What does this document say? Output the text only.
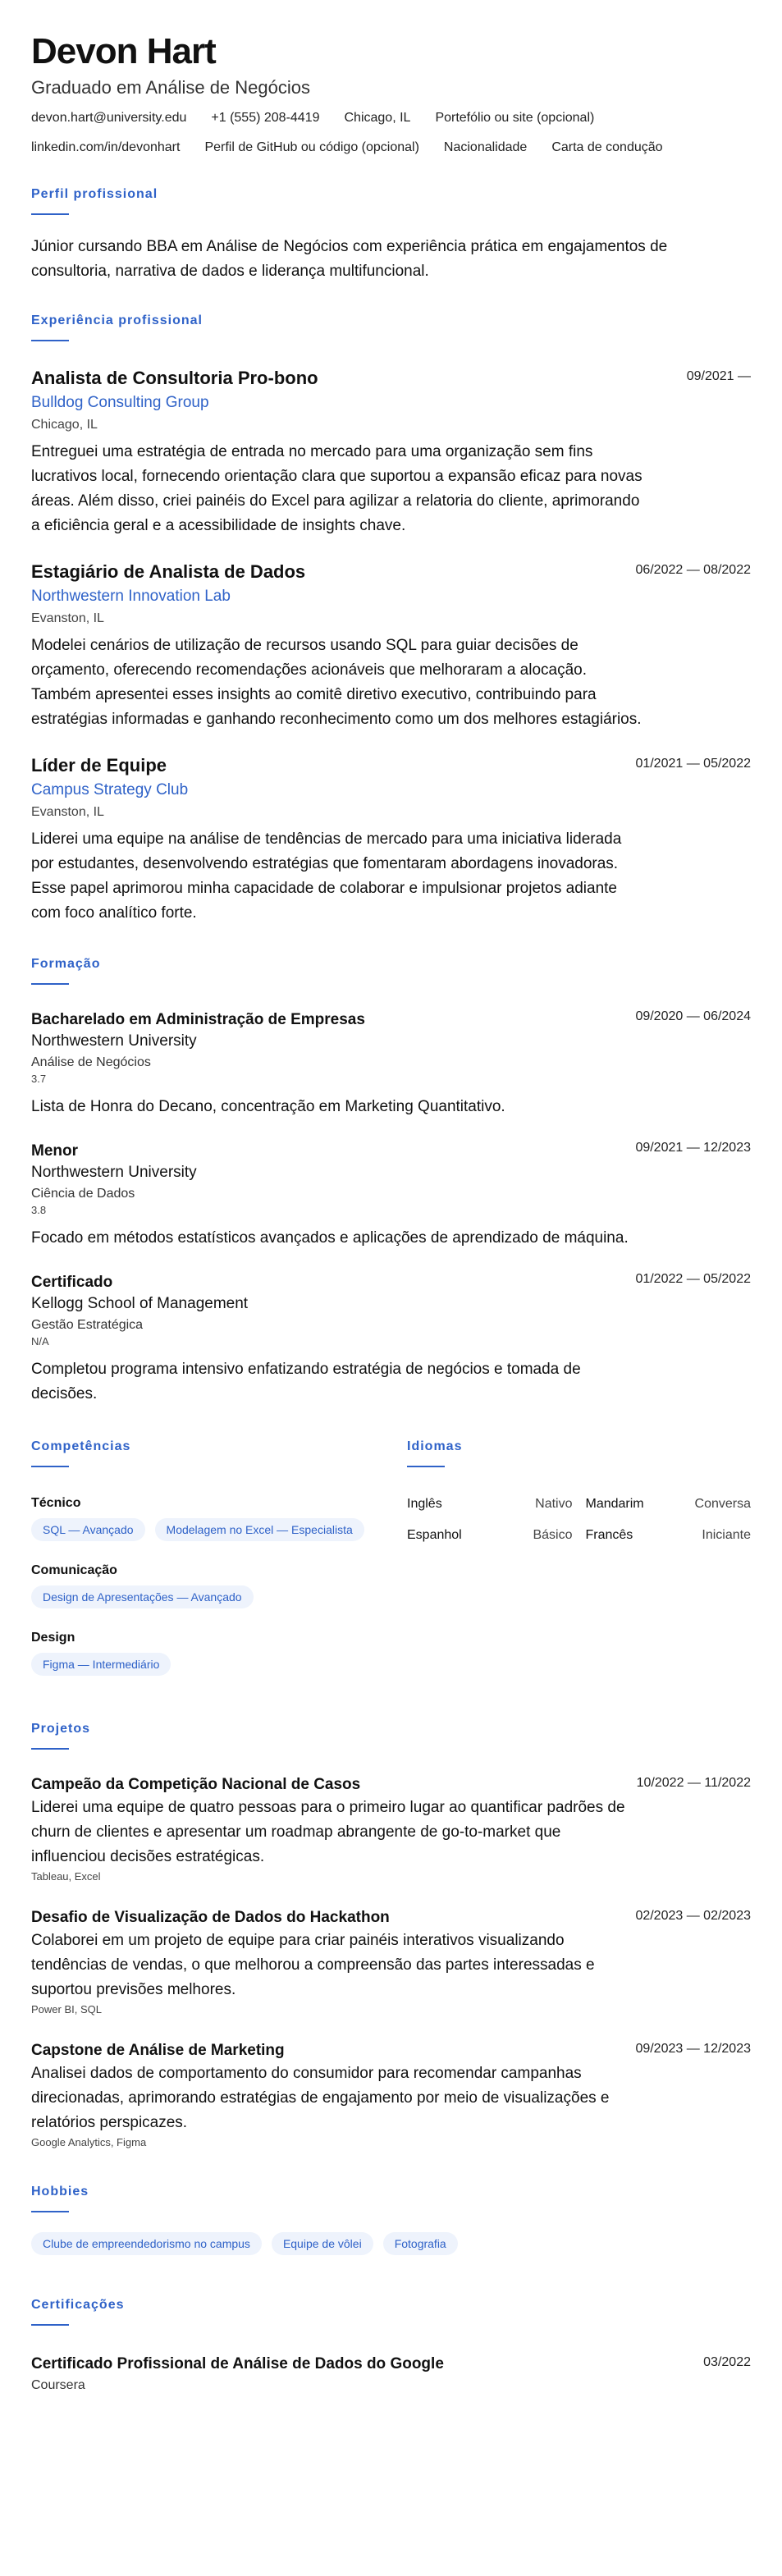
Devon Hart
Graduado em Análise de Negócios
devon.hart@university.edu +1 (555) 208-4419 Chicago, IL Portefólio ou site (opcional)
linkedin.com/in/devonhart Perfil de GitHub ou código (opcional) Nacionalidade Carta de condução
Perfil profissional

Júnior cursando BBA em Análise de Negócios com experiência prática em engajamentos de consultoria, narrativa de dados e liderança multifuncional.

Experiência profissional
Analista de Consultoria Pro-bono	09/2021 —
Bulldog Consulting Group
Chicago, IL

Entreguei uma estratégia de entrada no mercado para uma organização sem fins lucrativos local, fornecendo orientação clara que suportou a expansão eficaz para novas áreas. Além disso, criei painéis do Excel para agilizar a relatoria do cliente, aprimorando a eficiência geral e a acessibilidade de insights chave.

Estagiário de Analista de Dados	06/2022 — 08/2022
Northwestern Innovation Lab
Evanston, IL

Modelei cenários de utilização de recursos usando SQL para guiar decisões de orçamento, oferecendo recomendações acionáveis que melhoraram a alocação. Também apresentei esses insights ao comitê diretivo executivo, contribuindo para estratégias informadas e ganhando reconhecimento como um dos melhores estagiários.

Líder de Equipe	01/2021 — 05/2022
Campus Strategy Club
Evanston, IL

Liderei uma equipe na análise de tendências de mercado para uma iniciativa liderada por estudantes, desenvolvendo estratégias que fomentaram abordagens inovadoras. Esse papel aprimorou minha capacidade de colaborar e impulsionar projetos adiante com foco analítico forte.

Formação
Bacharelado em Administração de Empresas	09/2020 — 06/2024
Northwestern University
Análise de Negócios
3.7

Lista de Honra do Decano, concentração em Marketing Quantitativo.

Menor	09/2021 — 12/2023
Northwestern University
Ciência de Dados
3.8

Focado em métodos estatísticos avançados e aplicações de aprendizado de máquina.

Certificado	01/2022 — 05/2022
Kellogg School of Management
Gestão Estratégica
N/A

Completou programa intensivo enfatizando estratégia de negócios e tomada de decisões.

Competências
Técnico
SQL — Avançado	Modelagem no Excel — Especialista
Comunicação
Design de Apresentações — Avançado
Design
Figma — Intermediário
Idiomas
Inglês	Nativo Mandarim	Conversa
Espanhol	Básico Francês	Iniciante
Projetos
Campeão da Competição Nacional de Casos	10/2022 — 11/2022

Liderei uma equipe de quatro pessoas para o primeiro lugar ao quantificar padrões de churn de clientes e apresentar um roadmap abrangente de go-to-market que influenciou decisões estratégicas.

Tableau, Excel
Desafio de Visualização de Dados do Hackathon	02/2023 — 02/2023

Colaborei em um projeto de equipe para criar painéis interativos visualizando tendências de vendas, o que melhorou a compreensão das partes interessadas e suportou previsões melhores.

Power BI, SQL
Capstone de Análise de Marketing	09/2023 — 12/2023

Analisei dados de comportamento do consumidor para recomendar campanhas direcionadas, aprimorando estratégias de engajamento por meio de visualizações e relatórios perspicazes.

Google Analytics, Figma
Hobbies
Clube de empreendedorismo no campus	Equipe de vôlei	Fotografia
Certificações
Certificado Profissional de Análise de Dados do Google	03/2022
Coursera
